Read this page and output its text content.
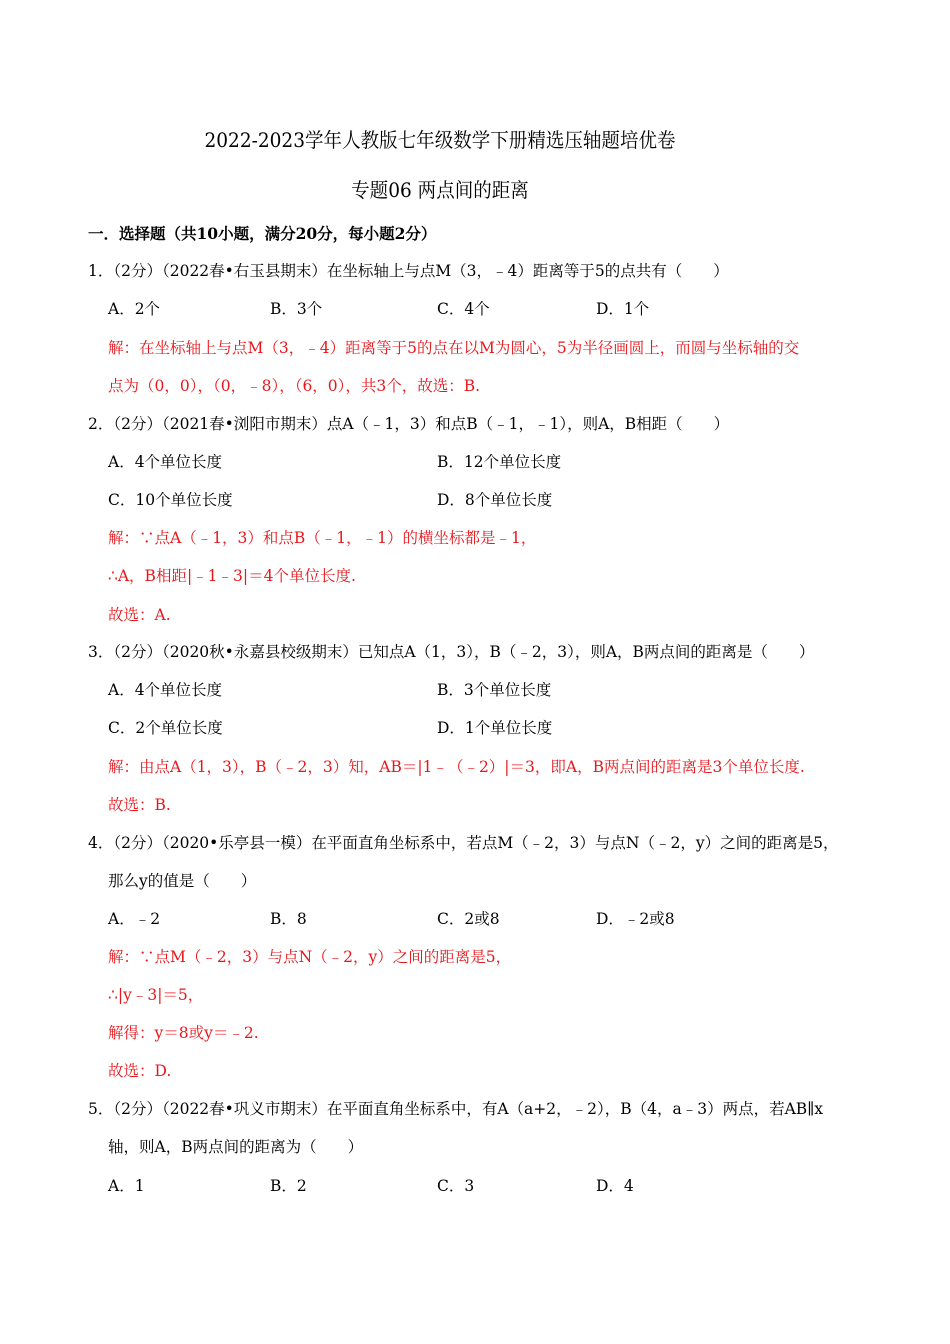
2022-2023学年人教版七年级数学下册精选压轴题培优卷
专题06 两点间的距离
一．选择题（共10小题，满分20分，每小题2分）
1．（2分）（2022春•右玉县期末）在坐标轴上与点M（3，﹣4）距离等于5的点共有（　　）
A．2个	B．3个	C．4个	D．1个
解：在坐标轴上与点M（3，﹣4）距离等于5的点在以M为圆心，5为半径画圆上，而圆与坐标轴的交
点为（0，0），（0，﹣8），（6，0），共3个，故选：B.
2．（2分）（2021春•浏阳市期末）点A（﹣1，3）和点B（﹣1，﹣1），则A，B相距（　　）
A．4个单位长度	B．12个单位长度
C．10个单位长度	D．8个单位长度
解：∵点A（﹣1，3）和点B（﹣1，﹣1）的横坐标都是﹣1，
∴A，B相距|﹣1﹣3|＝4个单位长度.
故选：A.
3．（2分）（2020秋•永嘉县校级期末）已知点A（1，3），B（﹣2，3），则A，B两点间的距离是（　　）
A．4个单位长度	B．3个单位长度
C．2个单位长度	D．1个单位长度
解：由点A（1，3），B（﹣2，3）知，AB＝|1﹣（﹣2）|＝3，即A，B两点间的距离是3个单位长度.
故选：B.
4．（2分）（2020•乐亭县一模）在平面直角坐标系中，若点M（﹣2，3）与点N（﹣2，y）之间的距离是5，
那么y的值是（　　）
A．﹣2	B．8	C．2或8	D．﹣2或8
解：∵点M（﹣2，3）与点N（﹣2，y）之间的距离是5，
∴|y﹣3|＝5，
解得：y＝8或y＝﹣2.
故选：D.
5．（2分）（2022春•巩义市期末）在平面直角坐标系中，有A（a+2，﹣2），B（4，a﹣3）两点，若AB∥x
轴，则A，B两点间的距离为（　　）
A．1	B．2	C．3	D．4
